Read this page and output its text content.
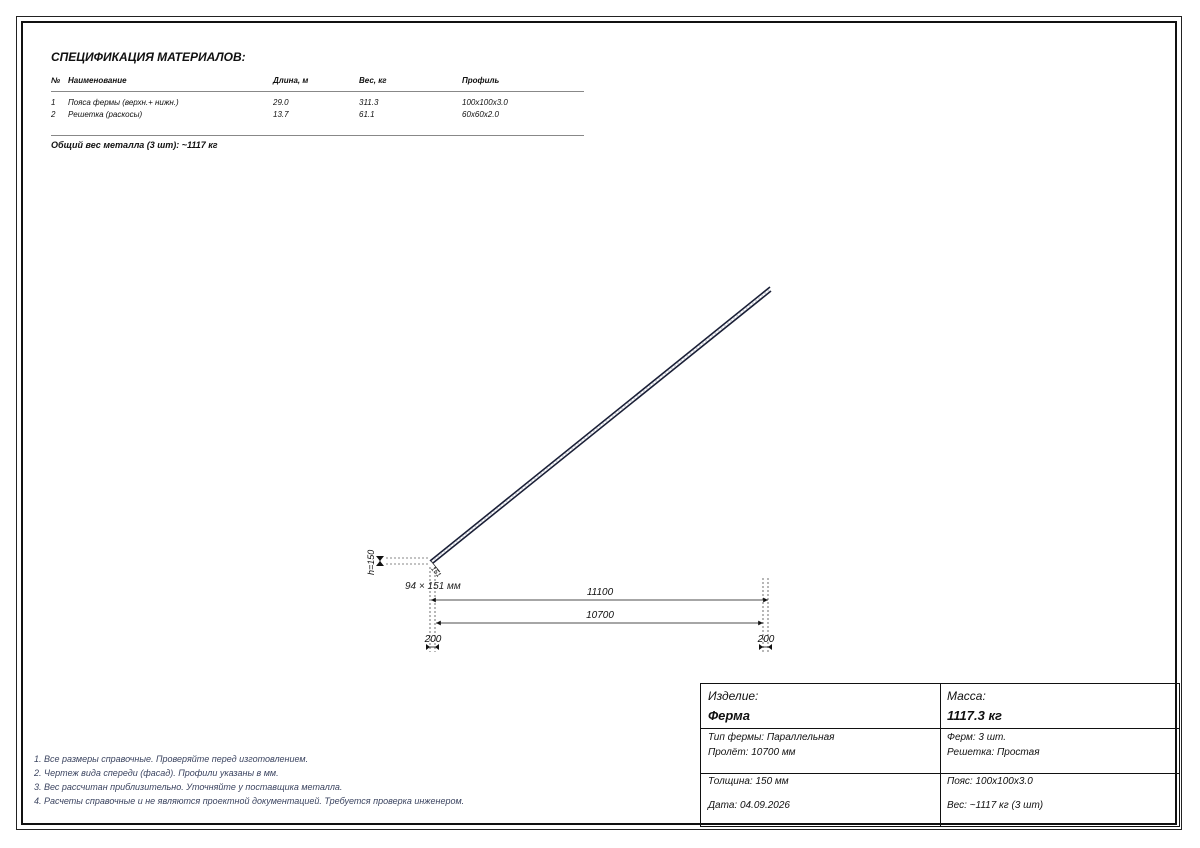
СПЕЦИФИКАЦИЯ МАТЕРИАЛОВ:
№	Наименование	Длина, м	Вес, кг	Профиль
1	Пояса фермы (верхн.+ нижн.)	29.0	311.3	100x100x3.0
2	Решетка (раскосы)	13.7	61.1	60x60x2.0
Общий вес металла (3 шт): ~1117 кг
h=150	151
94 × 151 мм
11100
10700
200	200
1. Все размеры справочные. Проверяйте перед изготовлением.
2. Чертеж вида спереди (фасад). Профили указаны в мм.
3. Вес рассчитан приблизительно. Уточняйте у поставщика металла.
4. Расчеты справочные и не являются проектной документацией. Требуется проверка инженером.
Изделие:
Ферма
Масса:
1117.3 кг
Тип фермы: Параллельная
Пролёт: 10700 мм
Ферм: 3 шт.
Решетка: Простая
Толщина: 150 мм
Дата: 04.09.2026
Пояс: 100x100x3.0
Вес: ~1117 кг (3 шт)
